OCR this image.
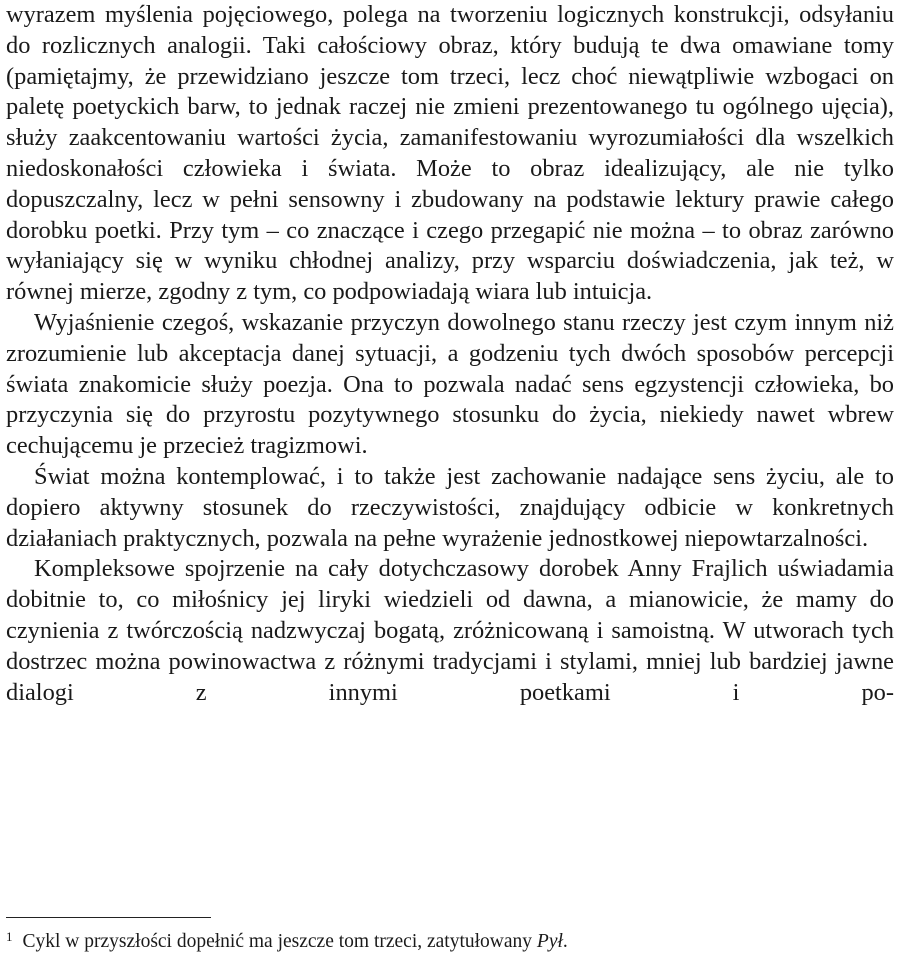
wyrazem myślenia pojęciowego, polega na tworzeniu logicznych konstrukcji, odsyłaniu do rozlicznych analogii. Taki całościowy obraz, który budują te dwa omawiane tomy (pamiętajmy, że przewidziano jeszcze tom trzeci, lecz choć niewątpliwie wzbogaci on paletę poetyckich barw, to jednak raczej nie zmieni prezentowanego tu ogólnego ujęcia), służy zaakcentowaniu wartości życia, zamanifestowaniu wyrozumiałości dla wszelkich niedoskonałości człowieka i świata. Może to obraz idealizujący, ale nie tylko dopuszczalny, lecz w pełni sensowny i zbudowany na podstawie lektury prawie całego dorobku poetki. Przy tym – co znaczące i czego przegapić nie można – to obraz zarówno wyłaniający się w wyniku chłodnej analizy, przy wsparciu doświadczenia, jak też, w równej mierze, zgodny z tym, co podpowiadają wiara lub intuicja.

Wyjaśnienie czegoś, wskazanie przyczyn dowolnego stanu rzeczy jest czym innym niż zrozumienie lub akceptacja danej sytuacji, a godzeniu tych dwóch sposobów percepcji świata znakomicie służy poezja. Ona to pozwala nadać sens egzystencji człowieka, bo przyczynia się do przyrostu pozytywnego stosunku do życia, niekiedy nawet wbrew cechującemu je przecież tragizmowi.

Świat można kontemplować, i to także jest zachowanie nadające sens życiu, ale to dopiero aktywny stosunek do rzeczywistości, znajdujący odbicie w konkretnych działaniach praktycznych, pozwala na pełne wyrażenie jednostkowej niepowtarzalności.

Kompleksowe spojrzenie na cały dotychczasowy dorobek Anny Frajlich uświadamia dobitnie to, co miłośnicy jej liryki wiedzieli od dawna, a mianowicie, że mamy do czynienia z twórczością nadzwyczaj bogatą, zróżnicowaną i samoistną. W utworach tych dostrzec można powinowactwa z różnymi tradycjami i stylami, mniej lub bardziej jawne dialogi z innymi poetkami i po-

$^1$ Cykl w przyszłości dopełnić ma jeszcze tom trzeci, zatytułowany Pył.
